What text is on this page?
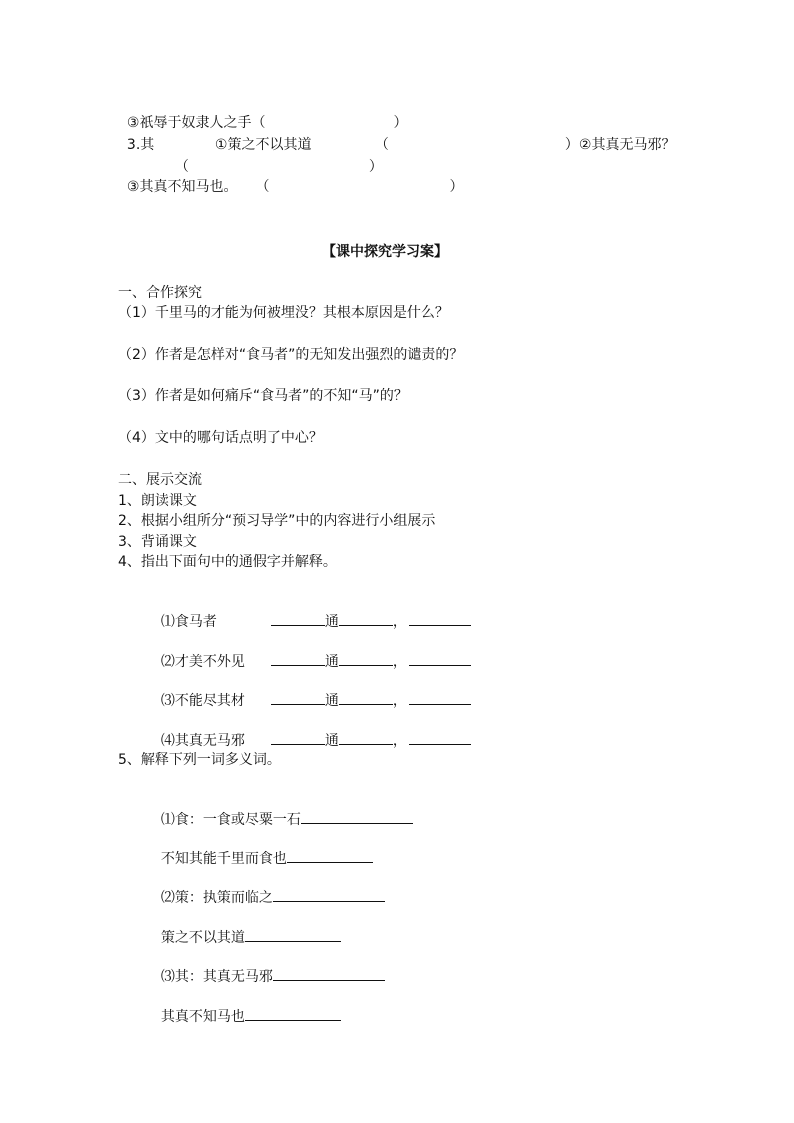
③祇辱于奴隶人之手（	）

3.其	①策之不以其道	（	）②其真无马邪？

（	）

③其真不知马也。 （	）

【课中探究学习案】
一、合作探究
（1）千里马的才能为何被埋没？其根本原因是什么？
（2）作者是怎样对“食马者”的无知发出强烈的谴责的？
（3）作者是如何痛斥“食马者”的不知“马”的？
（4）文中的哪句话点明了中心？
二、展示交流
1、朗读课文
2、根据小组所分“预习导学”中的内容进行小组展示
3、背诵课文
4、指出下面句中的通假字并解释。

⑴食马者	通	，

⑵才美不外见	通	，

⑶不能尽其材	通	，

⑷其真无马邪	通	，

5、解释下列一词多义词。

⑴食：一食或尽粟一石

不知其能千里而食也

⑵策：执策而临之

策之不以其道

⑶其：其真无马邪

其真不知马也
